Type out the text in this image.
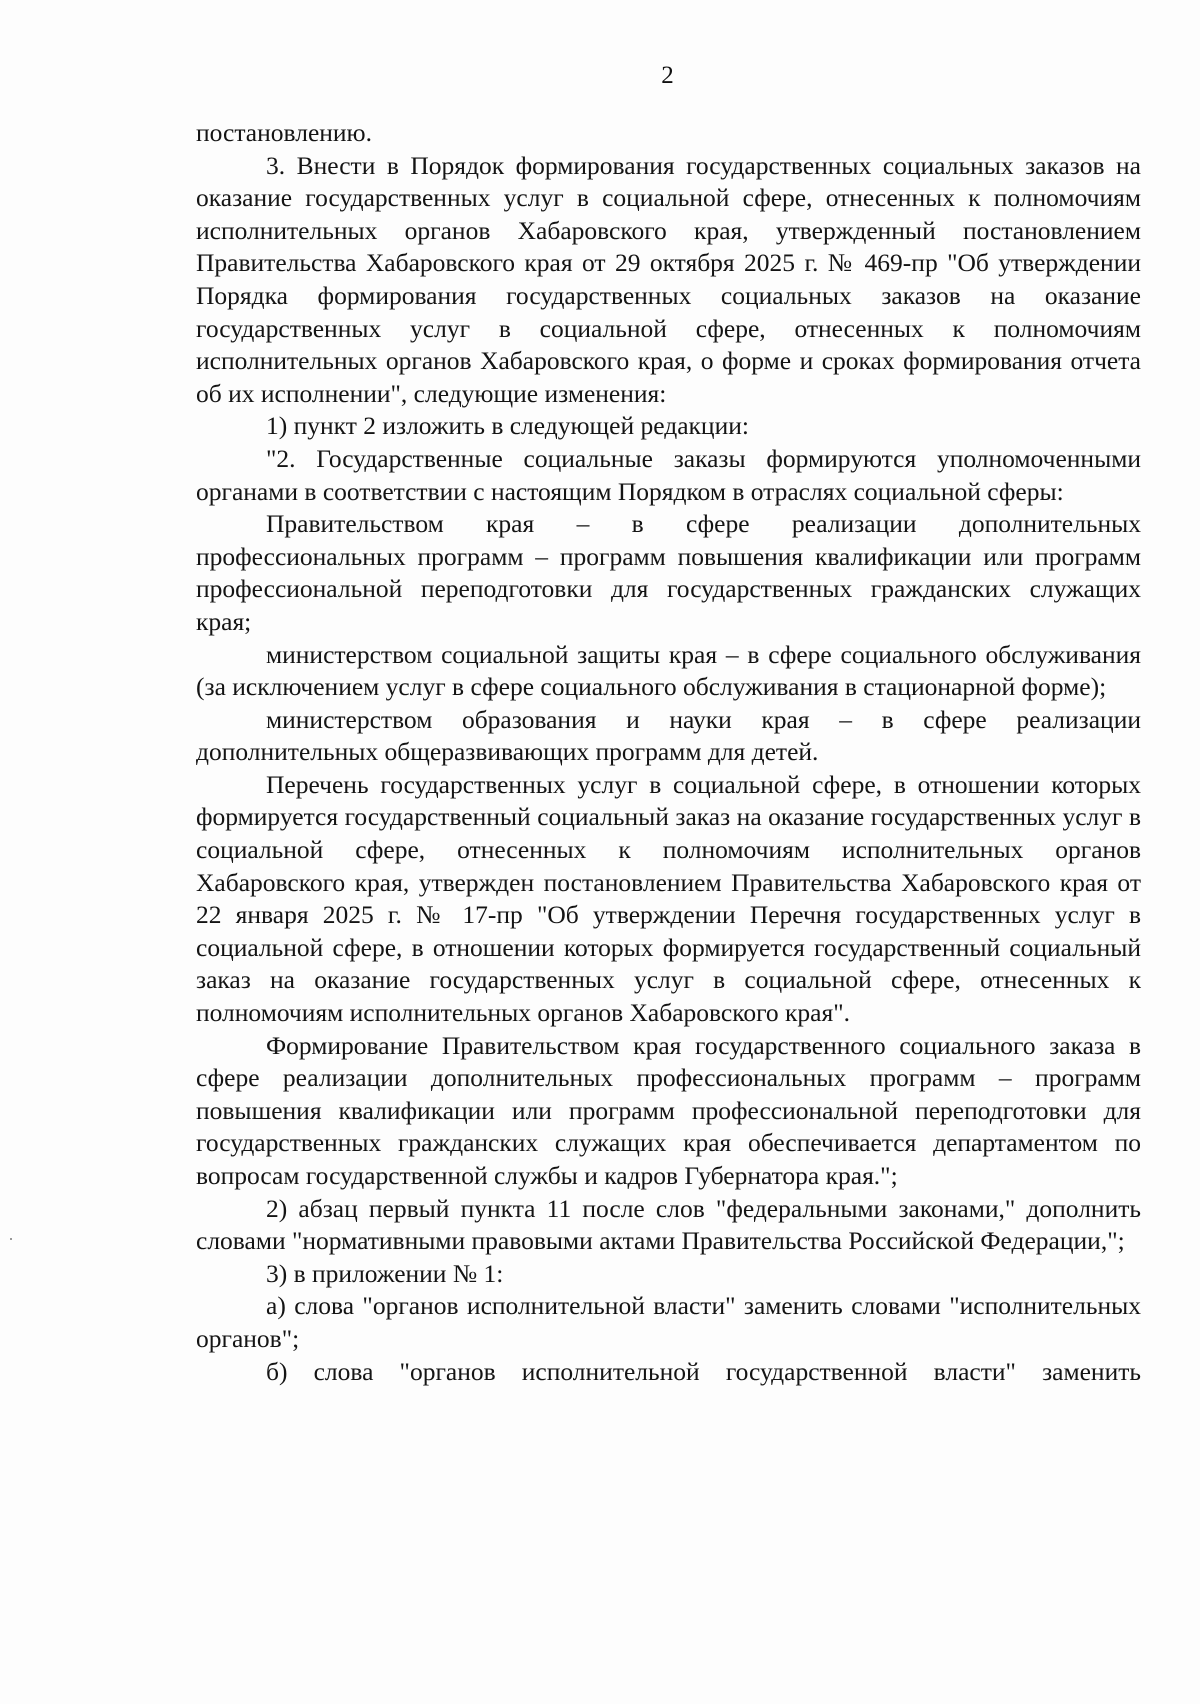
2

постановлению.

3. Внести в Порядок формирования государственных социальных заказов на оказание государственных услуг в социальной сфере, отнесенных к полномочиям исполнительных органов Хабаровского края, утвержденный постановлением Правительства Хабаровского края от 29 октября 2025 г. № 469-пр "Об утверждении Порядка формирования государственных социальных заказов на оказание государственных услуг в социальной сфере, отнесенных к полномочиям исполнительных органов Хабаровского края, о форме и сроках формирования отчета об их исполнении", следующие изменения:

1) пункт 2 изложить в следующей редакции:

"2. Государственные социальные заказы формируются уполномоченными органами в соответствии с настоящим Порядком в отраслях социальной сферы:

Правительством края – в сфере реализации дополнительных профессиональных программ – программ повышения квалификации или программ профессиональной переподготовки для государственных гражданских служащих края;

министерством социальной защиты края – в сфере социального обслуживания (за исключением услуг в сфере социального обслуживания в стационарной форме);

министерством образования и науки края – в сфере реализации дополнительных общеразвивающих программ для детей.

Перечень государственных услуг в социальной сфере, в отношении которых формируется государственный социальный заказ на оказание государственных услуг в социальной сфере, отнесенных к полномочиям исполнительных органов Хабаровского края, утвержден постановлением Правительства Хабаровского края от 22 января 2025 г. № 17-пр "Об утверждении Перечня государственных услуг в социальной сфере, в отношении которых формируется государственный социальный заказ на оказание государственных услуг в социальной сфере, отнесенных к полномочиям исполнительных органов Хабаровского края".

Формирование Правительством края государственного социального заказа в сфере реализации дополнительных профессиональных программ – программ повышения квалификации или программ профессиональной переподготовки для государственных гражданских служащих края обеспечивается департаментом по вопросам государственной службы и кадров Губернатора края.";

2) абзац первый пункта 11 после слов "федеральными законами," дополнить словами "нормативными правовыми актами Правительства Российской Федерации,";

3) в приложении № 1:

а) слова "органов исполнительной власти" заменить словами "исполнительных органов";

б) слова "органов исполнительной государственной власти" заменить
